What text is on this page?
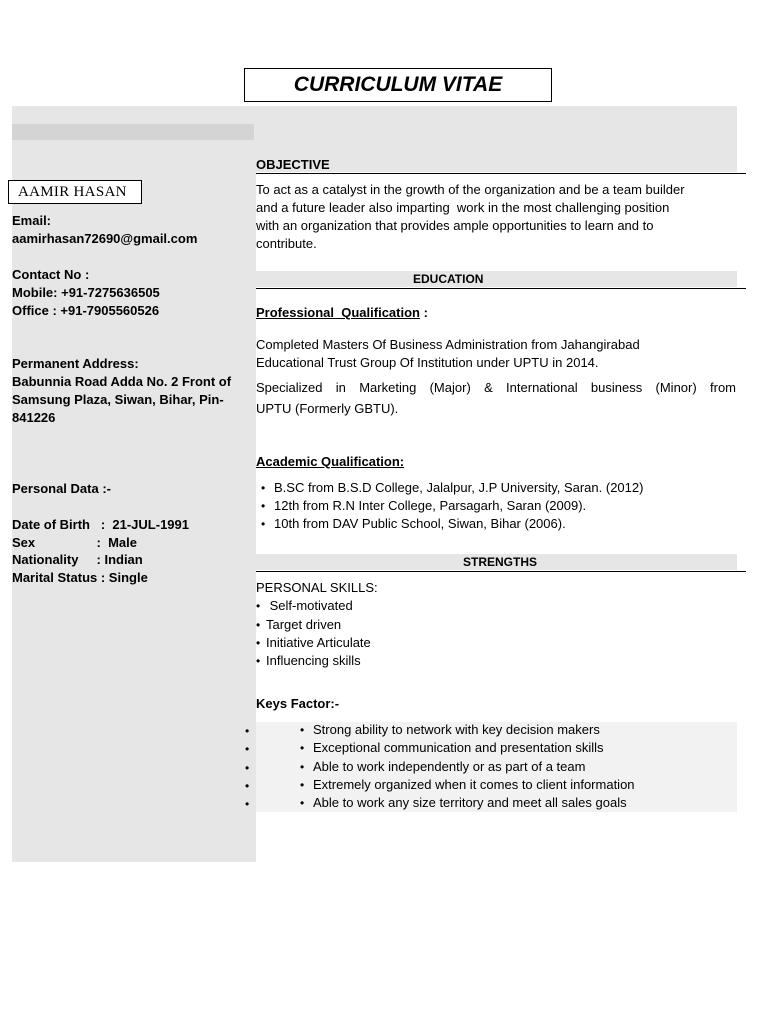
CURRICULUM VITAE
AAMIR HASAN
Email:
aamirhasan72690@gmail.com
Contact No :
Mobile: +91-7275636505
Office : +91-7905560526
Permanent Address:
Babunnia Road Adda No. 2 Front of
Samsung Plaza, Siwan, Bihar, Pin-
841226
Personal Data :-
Date of Birth   :  21-JUL-1991
Sex                 :  Male
Nationality     : Indian
Marital Status : Single
OBJECTIVE
To act as a catalyst in the growth of the organization and be a team builder
and a future leader also imparting  work in the most challenging position
with an organization that provides ample opportunities to learn and to
contribute.
EDUCATION
Professional  Qualification :
Completed Masters Of Business Administration from Jahangirabad
Educational Trust Group Of Institution under UPTU in 2014.
Specialized in Marketing (Major) & International business (Minor) from
UPTU (Formerly GBTU).
Academic Qualification:
• B.SC from B.S.D College, Jalalpur, J.P University, Saran. (2012)
• 12th from R.N Inter College, Parsagarh, Saran (2009).
• 10th from DAV Public School, Siwan, Bihar (2006).
STRENGTHS
PERSONAL SKILLS:
• Self-motivated
• Target driven
• Initiative Articulate
• Influencing skills
Keys Factor:-
•	• Strong ability to network with key decision makers
•	• Exceptional communication and presentation skills
•	• Able to work independently or as part of a team
•	• Extremely organized when it comes to client information
•	• Able to work any size territory and meet all sales goals
